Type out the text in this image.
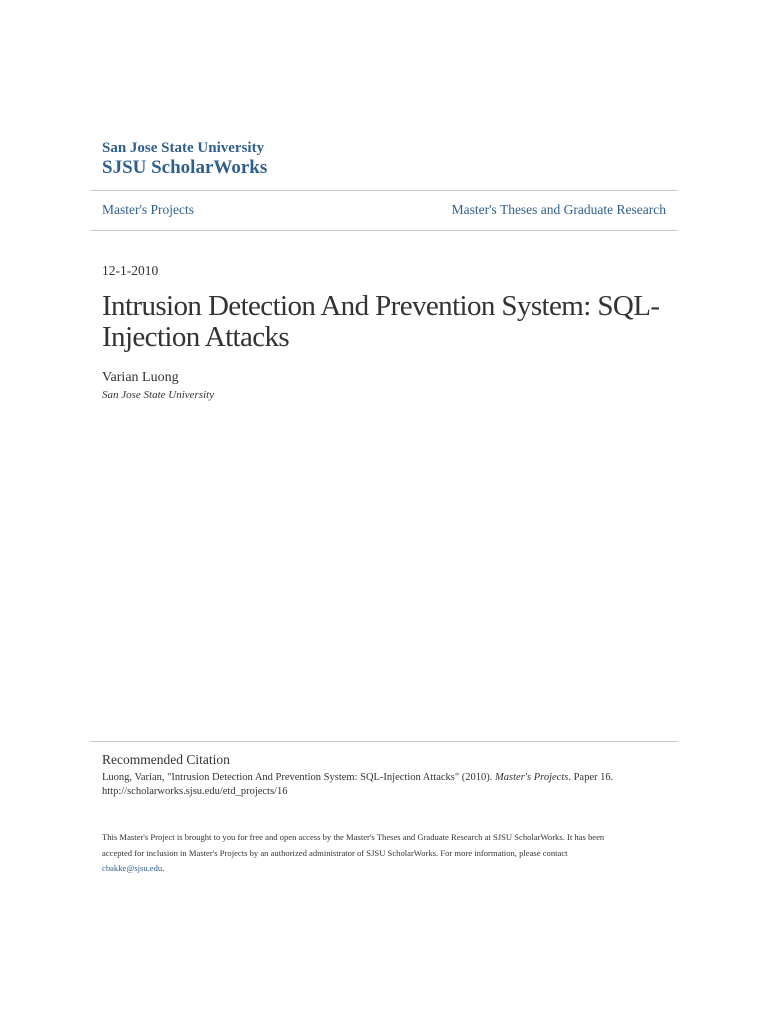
San Jose State University
SJSU ScholarWorks
Master's Projects	Master's Theses and Graduate Research
12-1-2010
Intrusion Detection And Prevention System: SQL-
Injection Attacks
Varian Luong
San Jose State University
Recommended Citation
Luong, Varian, "Intrusion Detection And Prevention System: SQL-Injection Attacks" (2010). Master's Projects. Paper 16.
http://scholarworks.sjsu.edu/etd_projects/16
This Master's Project is brought to you for free and open access by the Master's Theses and Graduate Research at SJSU ScholarWorks. It has been
accepted for inclusion in Master's Projects by an authorized administrator of SJSU ScholarWorks. For more information, please contact
cbakke@sjsu.edu.
